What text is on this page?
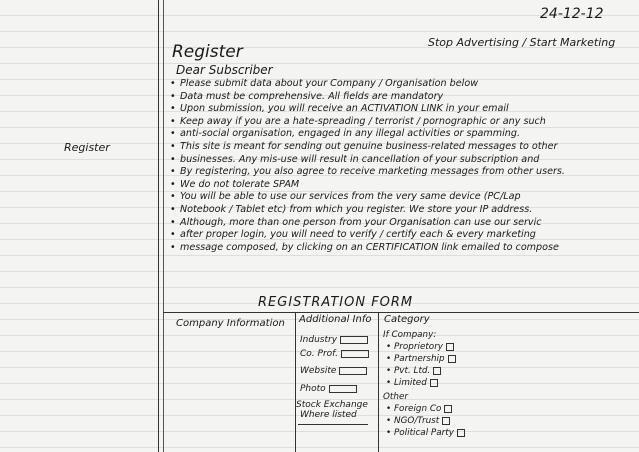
24-12-12
Register
Stop Advertising / Start Marketing
Register
Dear Subscriber
• Please submit data about your Company / Organisation below
• Data must be comprehensive. All fields are mandatory
• Upon submission, you will receive an ACTIVATION LINK in your email
• Keep away if you are a hate-spreading / terrorist / pornographic or any such
• anti-social organisation, engaged in any illegal activities or spamming.
• This site is meant for sending out genuine business-related messages to other
• businesses. Any mis-use will result in cancellation of your subscription and
• By registering, you also agree to receive marketing messages from other users.
• We do not tolerate SPAM
• You will be able to use our services from the very same device (PC/Lap
• Notebook / Tablet etc) from which you register. We store your IP address.
• Although, more than one person from your Organisation can use our servic
• after proper login, you will need to verify / certify each & every marketing
• message composed, by clicking on an CERTIFICATION link emailed to compose
REGISTRATION FORM
Company Information Additional Info Category
Industry
Co. Prof.
Website
Photo
Stock Exchange
Where listed
If Company:
• Proprietory
• Partnership
• Pvt. Ltd.
• Limited
Other
• Foreign Co
• NGO/Trust
• Political Party
